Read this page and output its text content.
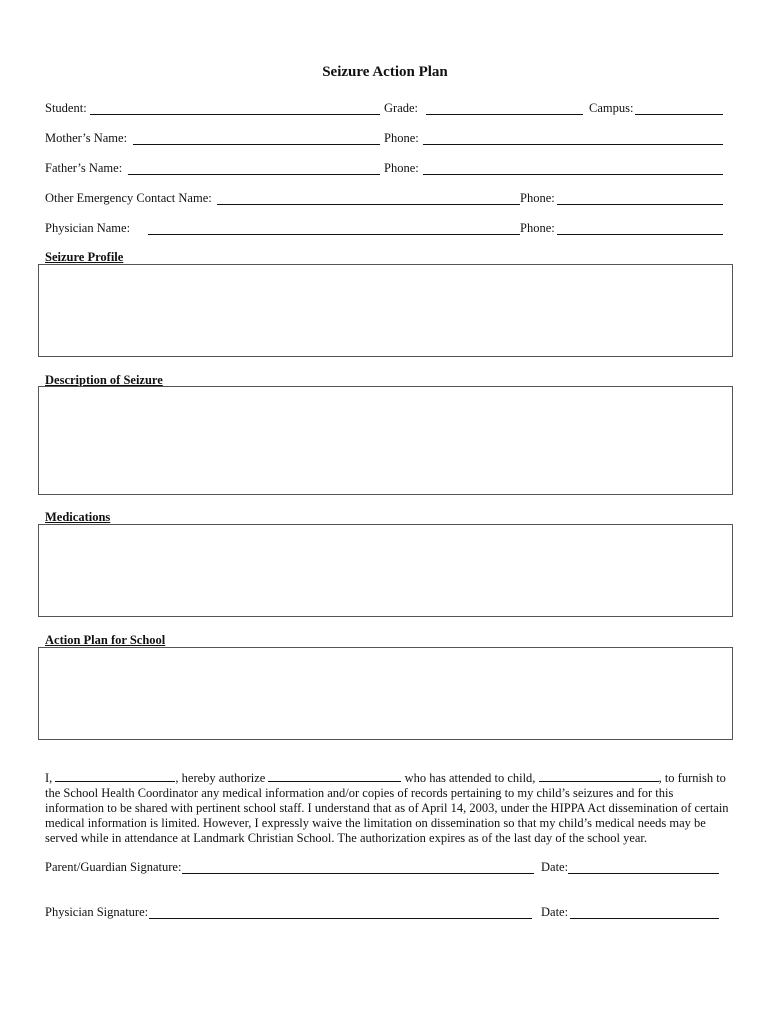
Seizure Action Plan
Student:	Grade:	Campus:
Mother’s Name:	Phone:
Father’s Name:	Phone:
Other Emergency Contact Name:	Phone:
Physician Name:	Phone:
Seizure Profile
Description of Seizure
Medications
Action Plan for School
I,	, hereby authorize	who has attended to child,	, to furnish to the School Health Coordinator any medical information and/or copies of records pertaining to my child’s seizures and for this information to be shared with pertinent school staff. I understand that as of April 14, 2003, under the HIPPA Act dissemination of certain medical information is limited. However, I expressly waive the limitation on dissemination so that my child’s medical needs may be served while in attendance at Landmark Christian School. The authorization expires as of the last day of the school year.
Parent/Guardian Signature:	Date:
Physician Signature:	Date:
